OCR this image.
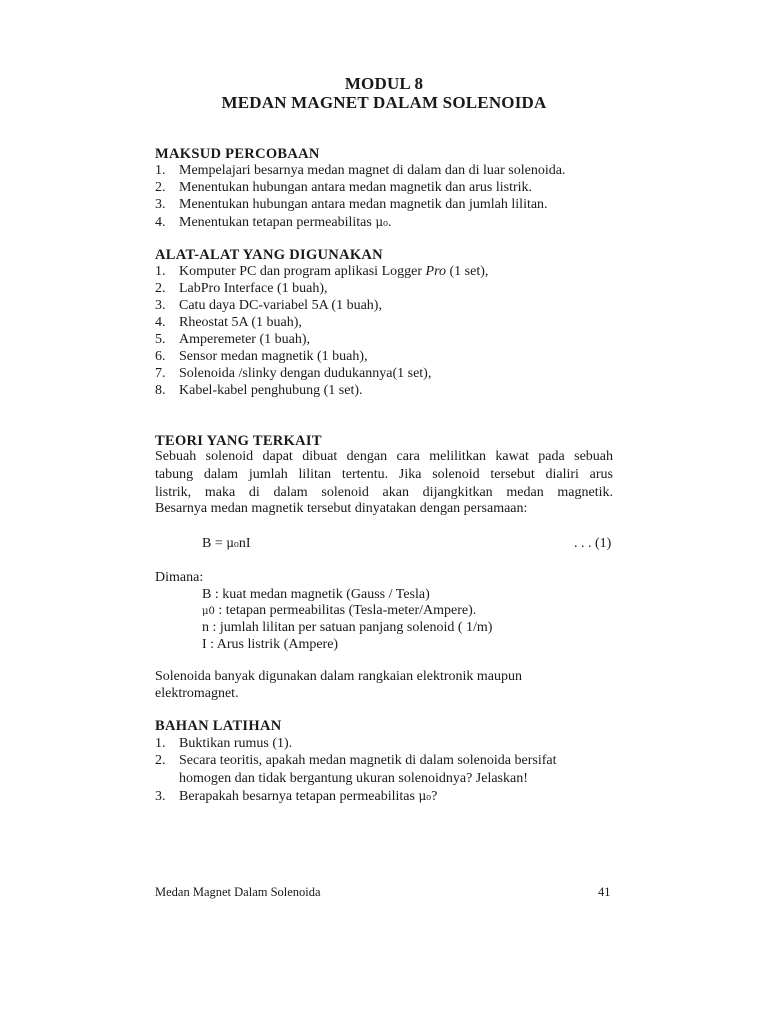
MODUL 8
MEDAN MAGNET DALAM SOLENOIDA
MAKSUD PERCOBAAN
1. Mempelajari besarnya medan magnet di dalam dan di luar solenoida.
2. Menentukan hubungan antara medan magnetik dan arus listrik.
3. Menentukan hubungan antara medan magnetik dan jumlah lilitan.
4. Menentukan tetapan permeabilitas μ₀.
ALAT-ALAT YANG DIGUNAKAN
1. Komputer PC dan program aplikasi Logger Pro (1 set),
2. LabPro Interface (1 buah),
3. Catu daya DC-variabel 5A (1 buah),
4. Rheostat 5A (1 buah),
5. Amperemeter (1 buah),
6. Sensor medan magnetik (1 buah),
7. Solenoida /slinky dengan dudukannya(1 set),
8. Kabel-kabel penghubung (1 set).
TEORI YANG TERKAIT
Sebuah solenoid dapat dibuat dengan cara melilitkan kawat pada sebuah
tabung dalam jumlah lilitan tertentu. Jika solenoid tersebut dialiri arus
listrik, maka di dalam solenoid akan dijangkitkan medan magnetik.
Besarnya medan magnetik tersebut dinyatakan dengan persamaan:
B = μ₀nI	. . . (1)
Dimana:
B : kuat medan magnetik (Gauss / Tesla)
μ0 : tetapan permeabilitas (Tesla-meter/Ampere).
n : jumlah lilitan per satuan panjang solenoid ( 1/m)
I : Arus listrik (Ampere)
Solenoida banyak digunakan dalam rangkaian elektronik maupun
elektromagnet.
BAHAN LATIHAN
1. Buktikan rumus (1).
2. Secara teoritis, apakah medan magnetik di dalam solenoida bersifat
homogen dan tidak bergantung ukuran solenoidnya? Jelaskan!
3. Berapakah besarnya tetapan permeabilitas μ₀?
Medan Magnet Dalam Solenoida	41
